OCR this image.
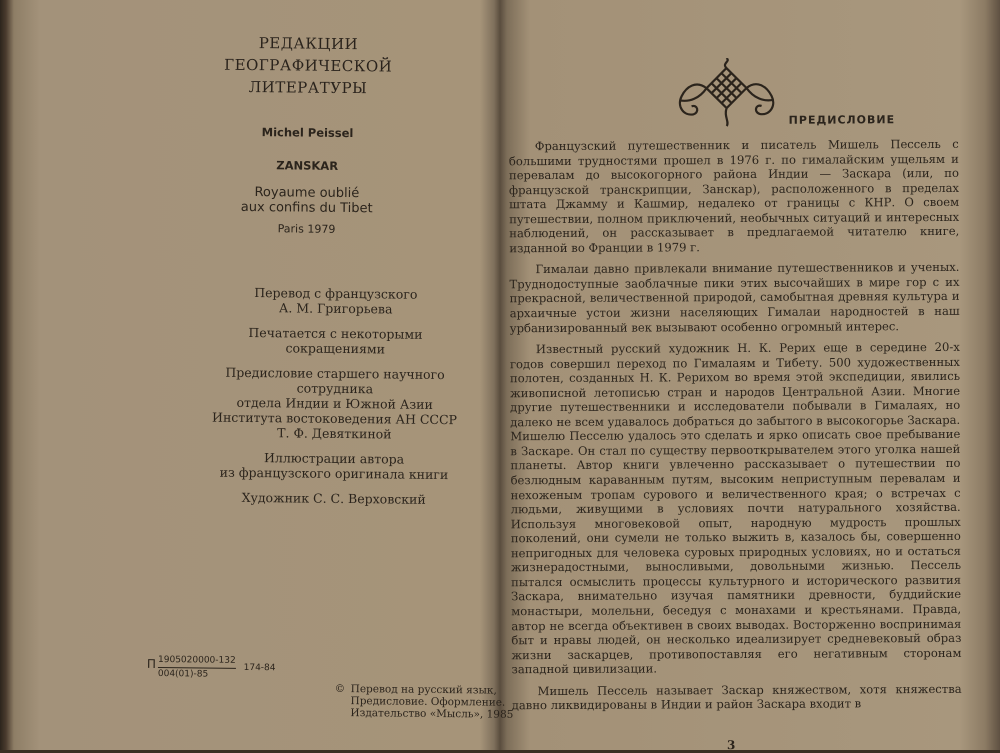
РЕДАКЦИИ ГЕОГРАФИЧЕСКОЙ ЛИТЕРАТУРЫ
Michel Peissel
ZANSKAR
Royaume oublié
aux confins du Tibet
Paris 1979

Перевод с французского
А. М. Григорьева

Печатается с некоторыми сокращениями

Предисловие старшего научного сотрудника
отдела Индии и Южной Азии
Института востоковедения АН СССР
Т. Ф. Девяткиной

Иллюстрации автора
из французского оригинала книги

Художник С. С. Верховский

П $\frac{1905020000-132}{004(01)-85} 174-84$
© Перевод на русский язык,
Предисловие. Оформление.
Издательство «Мысль», 1985
ПРЕДИСЛОВИЕ

Французский путешественник и писатель Мишель Пессель с большими трудностями прошел в 1976 г. по гималайским ущельям и перевалам до высокогорного района Индии — Заскара (или, по французской транскрипции, Занскар), расположенного в пределах штата Джамму и Кашмир, недалеко от границы с КНР. О своем путешествии, полном приключений, необычных ситуаций и интересных наблюдений, он рассказывает в предлагаемой читателю книге, изданной во Франции в 1979 г.

Гималаи давно привлекали внимание путешественников и ученых. Труднодоступные заоблачные пики этих высочайших в мире гор с их прекрасной, величественной природой, самобытная древняя культура и архаичные устои жизни населяющих Гималаи народностей в наш урбанизированный век вызывают особенно огромный интерес.

Известный русский художник Н. К. Рерих еще в середине 20-х годов совершил переход по Гималаям и Тибету. 500 художественных полотен, созданных Н. К. Рерихом во время этой экспедиции, явились живописной летописью стран и народов Центральной Азии. Многие другие путешественники и исследователи побывали в Гималаях, но далеко не всем удавалось добраться до забытого в высокогорье Заскара. Мишелю Песселю удалось это сделать и ярко описать свое пребывание в Заскаре. Он стал по существу первооткрывателем этого уголка нашей планеты. Автор книги увлеченно рассказывает о путешествии по безлюдным караванным путям, высоким неприступным перевалам и нехоженым тропам сурового и величественного края; о встречах с людьми, живущими в условиях почти натурального хозяйства. Используя многовековой опыт, народную мудрость прошлых поколений, они сумели не только выжить в, казалось бы, совершенно непригодных для человека суровых природных условиях, но и остаться жизнерадостными, выносливыми, довольными жизнью. Пессель пытался осмыслить процессы культурного и исторического развития Заскара, внимательно изучая памятники древности, буддийские монастыри, молельни, беседуя с монахами и крестьянами. Правда, автор не всегда объективен в своих выводах. Восторженно воспринимая быт и нравы людей, он несколько идеализирует средневековый образ жизни заскарцев, противопоставляя его негативным сторонам западной цивилизации.

Мишель Пессель называет Заскар княжеством, хотя княжества давно ликвидированы в Индии и район Заскара входит в

3
